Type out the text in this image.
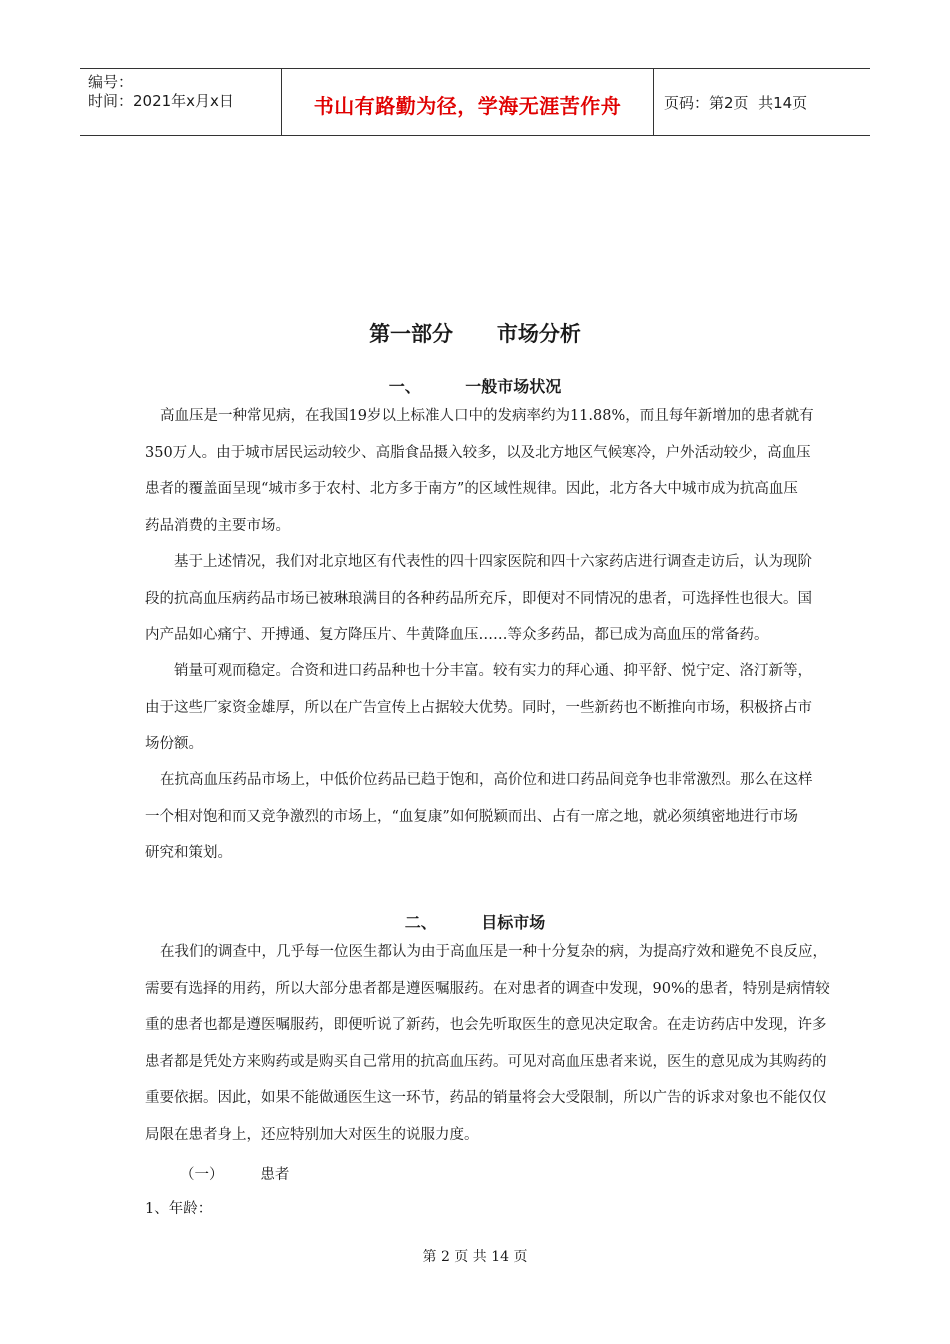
编号：
时间：2021年x月x日	书山有路勤为径，学海无涯苦作舟	页码：第2页  共14页
第一部分      市场分析
一、        一般市场状况
高血压是一种常见病，在我国19岁以上标准人口中的发病率约为11.88%，而且每年新增加的患者就有
350万人。由于城市居民运动较少、高脂食品摄入较多，以及北方地区气候寒冷，户外活动较少，高血压
患者的覆盖面呈现“城市多于农村、北方多于南方”的区域性规律。因此，北方各大中城市成为抗高血压
药品消费的主要市场。
基于上述情况，我们对北京地区有代表性的四十四家医院和四十六家药店进行调查走访后，认为现阶
段的抗高血压病药品市场已被琳琅满目的各种药品所充斥，即便对不同情况的患者，可选择性也很大。国
内产品如心痛宁、开搏通、复方降压片、牛黄降血压……等众多药品，都已成为高血压的常备药。
销量可观而稳定。合资和进口药品种也十分丰富。较有实力的拜心通、抑平舒、悦宁定、洛汀新等，
由于这些厂家资金雄厚，所以在广告宣传上占据较大优势。同时，一些新药也不断推向市场，积极挤占市
场份额。
在抗高血压药品市场上，中低价位药品已趋于饱和，高价位和进口药品间竞争也非常激烈。那么在这样
一个相对饱和而又竞争激烈的市场上，“血复康”如何脱颖而出、占有一席之地，就必须缜密地进行市场
研究和策划。
二、        目标市场
在我们的调查中，几乎每一位医生都认为由于高血压是一种十分复杂的病，为提高疗效和避免不良反应，
需要有选择的用药，所以大部分患者都是遵医嘱服药。在对患者的调查中发现，90%的患者，特别是病情较
重的患者也都是遵医嘱服药，即便听说了新药，也会先听取医生的意见决定取舍。在走访药店中发现，许多
患者都是凭处方来购药或是购买自己常用的抗高血压药。可见对高血压患者来说，医生的意见成为其购药的
重要依据。因此，如果不能做通医生这一环节，药品的销量将会大受限制，所以广告的诉求对象也不能仅仅
局限在患者身上，还应特别加大对医生的说服力度。
（一）        患者
1、年龄：
第 2 页 共 14 页
